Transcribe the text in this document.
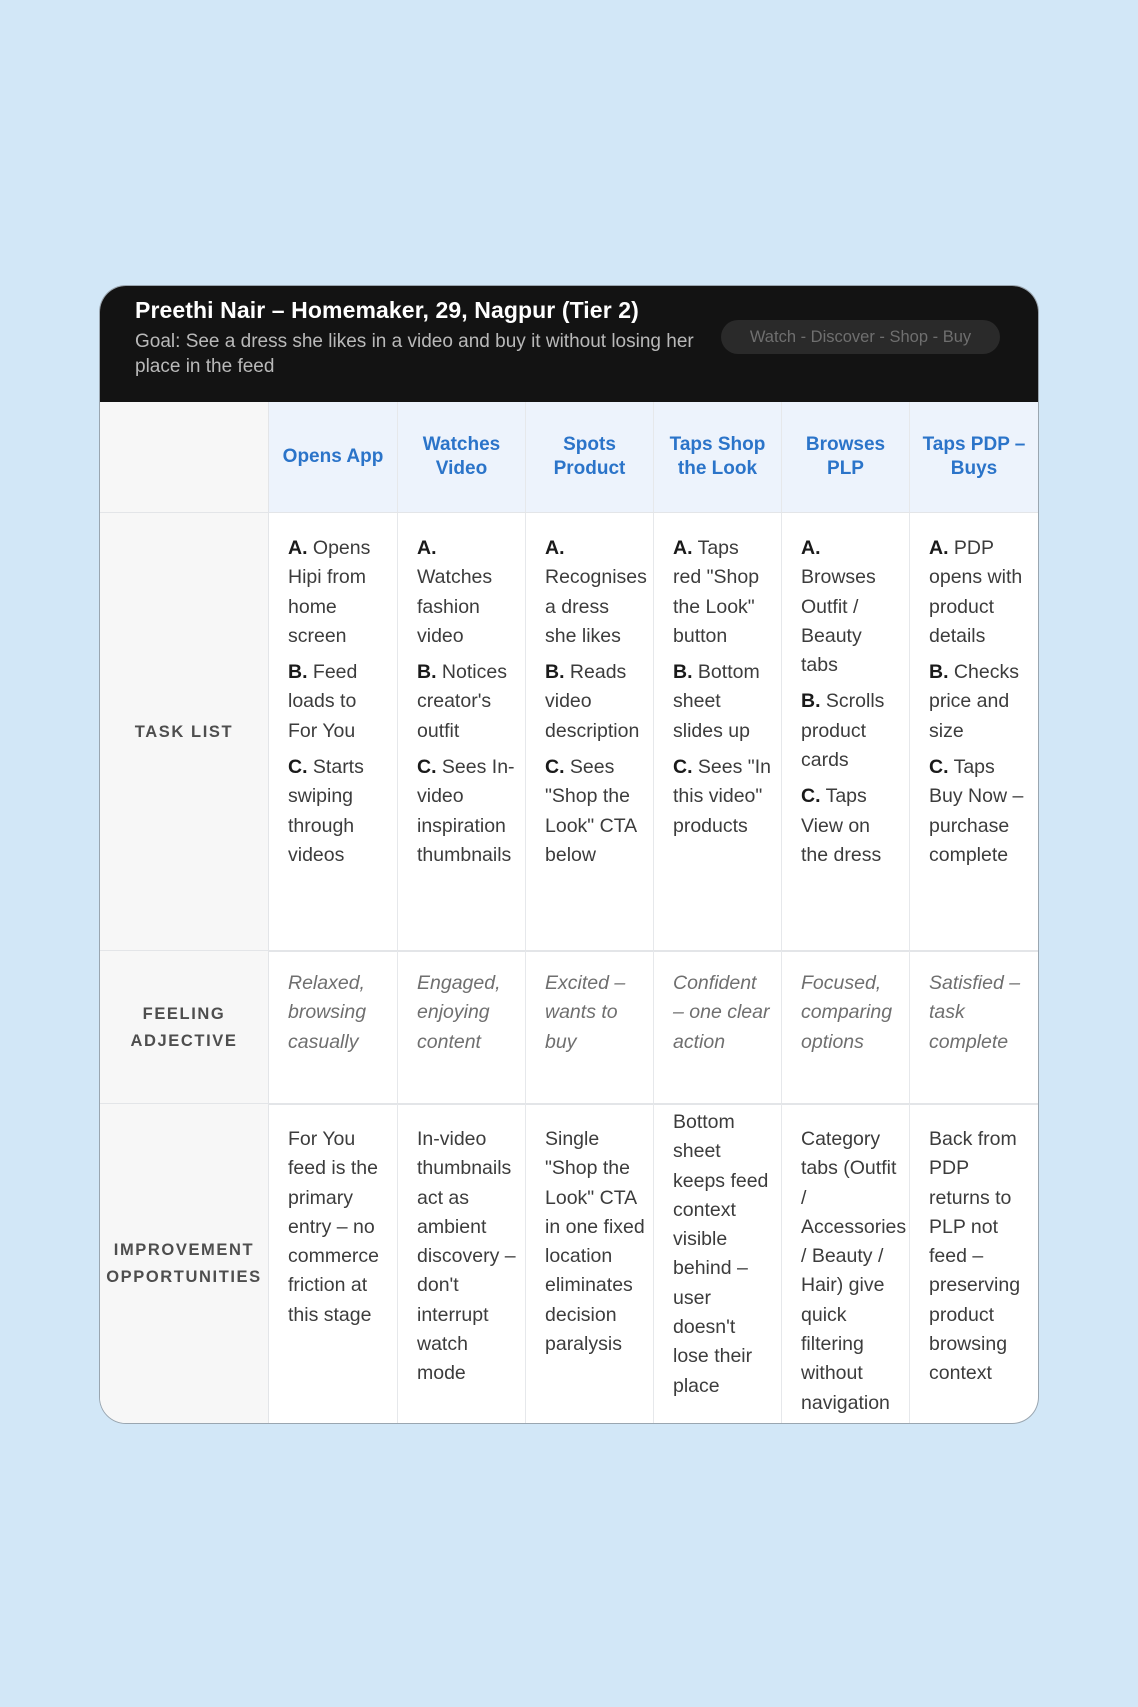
Preethi Nair – Homemaker, 29, Nagpur (Tier 2)
Goal: See a dress she likes in a video and buy it without losing her place in the feed
Watch - Discover - Shop - Buy
Opens App
Watches Video
Spots Product
Taps Shop the Look
Browses PLP
Taps PDP – Buys
TASK LIST

A. Opens Hipi from home screen

B. Feed loads to For You

C. Starts swiping through videos

A. Watches fashion video

B. Notices creator's outfit

C. Sees In-video inspiration thumbnails

A. Recognises a dress she likes

B. Reads video description

C. Sees "Shop the Look" CTA below

A. Taps red "Shop the Look" button

B. Bottom sheet slides up

C. Sees "In this video" products

A. Browses Outfit / Beauty tabs

B. Scrolls product cards

C. Taps View on the dress

A. PDP opens with product details

B. Checks price and size

C. Taps Buy Now – purchase complete

FEELING ADJECTIVE
Relaxed, browsing casually
Engaged, enjoying content
Excited – wants to buy
Confident – one clear action
Focused, comparing options
Satisfied – task complete
IMPROVEMENT OPPORTUNITIES
For You feed is the primary entry – no commerce friction at this stage
In-video thumbnails act as ambient discovery – don't interrupt watch mode
Single "Shop the Look" CTA in one fixed location eliminates decision paralysis
Bottom sheet keeps feed context visible behind – user doesn't lose their place
Category tabs (Outfit / Accessories / Beauty / Hair) give quick filtering without navigation
Back from PDP returns to PLP not feed – preserving product browsing context
